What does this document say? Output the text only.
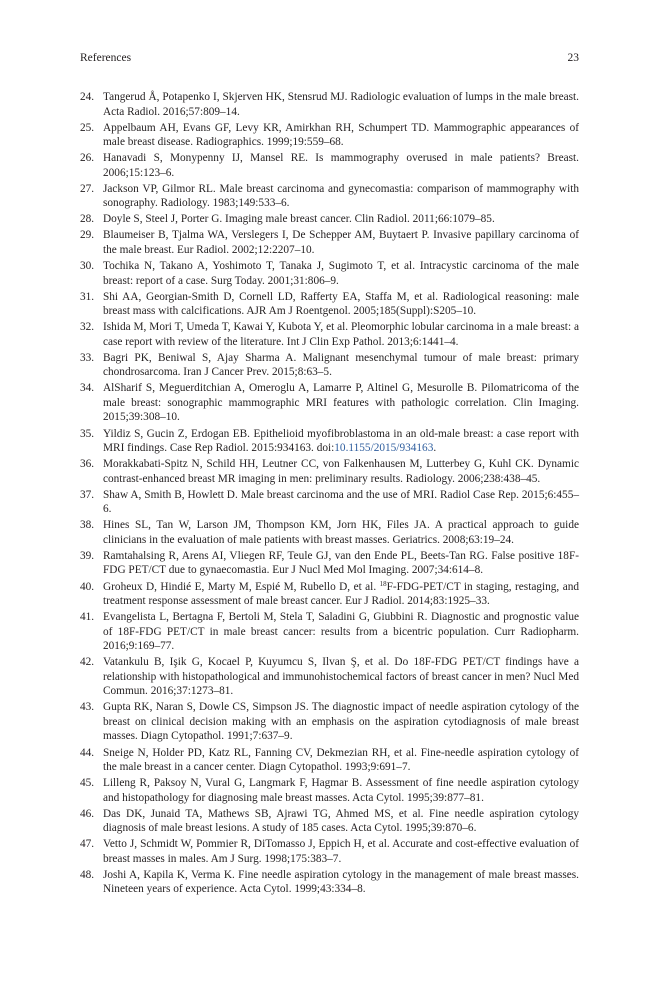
References	23
24. Tangerud Å, Potapenko I, Skjerven HK, Stensrud MJ. Radiologic evaluation of lumps in the male breast. Acta Radiol. 2016;57:809–14.
25. Appelbaum AH, Evans GF, Levy KR, Amirkhan RH, Schumpert TD. Mammographic appearances of male breast disease. Radiographics. 1999;19:559–68.
26. Hanavadi S, Monypenny IJ, Mansel RE. Is mammography overused in male patients? Breast. 2006;15:123–6.
27. Jackson VP, Gilmor RL. Male breast carcinoma and gynecomastia: comparison of mammography with sonography. Radiology. 1983;149:533–6.
28. Doyle S, Steel J, Porter G. Imaging male breast cancer. Clin Radiol. 2011;66:1079–85.
29. Blaumeiser B, Tjalma WA, Verslegers I, De Schepper AM, Buytaert P. Invasive papillary carcinoma of the male breast. Eur Radiol. 2002;12:2207–10.
30. Tochika N, Takano A, Yoshimoto T, Tanaka J, Sugimoto T, et al. Intracystic carcinoma of the male breast: report of a case. Surg Today. 2001;31:806–9.
31. Shi AA, Georgian-Smith D, Cornell LD, Rafferty EA, Staffa M, et al. Radiological reasoning: male breast mass with calcifications. AJR Am J Roentgenol. 2005;185(Suppl):S205–10.
32. Ishida M, Mori T, Umeda T, Kawai Y, Kubota Y, et al. Pleomorphic lobular carcinoma in a male breast: a case report with review of the literature. Int J Clin Exp Pathol. 2013;6:1441–4.
33. Bagri PK, Beniwal S, Ajay Sharma A. Malignant mesenchymal tumour of male breast: primary chondrosarcoma. Iran J Cancer Prev. 2015;8:63–5.
34. AlSharif S, Meguerditchian A, Omeroglu A, Lamarre P, Altinel G, Mesurolle B. Pilomatricoma of the male breast: sonographic mammographic MRI features with pathologic correlation. Clin Imaging. 2015;39:308–10.
35. Yildiz S, Gucin Z, Erdogan EB. Epithelioid myofibroblastoma in an old-male breast: a case report with MRI findings. Case Rep Radiol. 2015:934163. doi:10.1155/2015/934163.
36. Morakkabati-Spitz N, Schild HH, Leutner CC, von Falkenhausen M, Lutterbey G, Kuhl CK. Dynamic contrast-enhanced breast MR imaging in men: preliminary results. Radiology. 2006;238:438–45.
37. Shaw A, Smith B, Howlett D. Male breast carcinoma and the use of MRI. Radiol Case Rep. 2015;6:455–6.
38. Hines SL, Tan W, Larson JM, Thompson KM, Jorn HK, Files JA. A practical approach to guide clinicians in the evaluation of male patients with breast masses. Geriatrics. 2008;63:19–24.
39. Ramtahalsing R, Arens AI, Vliegen RF, Teule GJ, van den Ende PL, Beets-Tan RG. False positive 18F-FDG PET/CT due to gynaecomastia. Eur J Nucl Med Mol Imaging. 2007;34:614–8.
40. Groheux D, Hindié E, Marty M, Espié M, Rubello D, et al. $^{18}$F-FDG-PET/CT in staging, restaging, and treatment response assessment of male breast cancer. Eur J Radiol. 2014;83:1925–33.
41. Evangelista L, Bertagna F, Bertoli M, Stela T, Saladini G, Giubbini R. Diagnostic and prognostic value of 18F-FDG PET/CT in male breast cancer: results from a bicentric population. Curr Radiopharm. 2016;9:169–77.
42. Vatankulu B, Işik G, Kocael P, Kuyumcu S, Ilvan Ş, et al. Do 18F-FDG PET/CT findings have a relationship with histopathological and immunohistochemical factors of breast cancer in men? Nucl Med Commun. 2016;37:1273–81.
43. Gupta RK, Naran S, Dowle CS, Simpson JS. The diagnostic impact of needle aspiration cytology of the breast on clinical decision making with an emphasis on the aspiration cytodiagnosis of male breast masses. Diagn Cytopathol. 1991;7:637–9.
44. Sneige N, Holder PD, Katz RL, Fanning CV, Dekmezian RH, et al. Fine-needle aspiration cytology of the male breast in a cancer center. Diagn Cytopathol. 1993;9:691–7.
45. Lilleng R, Paksoy N, Vural G, Langmark F, Hagmar B. Assessment of fine needle aspiration cytology and histopathology for diagnosing male breast masses. Acta Cytol. 1995;39:877–81.
46. Das DK, Junaid TA, Mathews SB, Ajrawi TG, Ahmed MS, et al. Fine needle aspiration cytology diagnosis of male breast lesions. A study of 185 cases. Acta Cytol. 1995;39:870–6.
47. Vetto J, Schmidt W, Pommier R, DiTomasso J, Eppich H, et al. Accurate and cost-effective evaluation of breast masses in males. Am J Surg. 1998;175:383–7.
48. Joshi A, Kapila K, Verma K. Fine needle aspiration cytology in the management of male breast masses. Nineteen years of experience. Acta Cytol. 1999;43:334–8.
